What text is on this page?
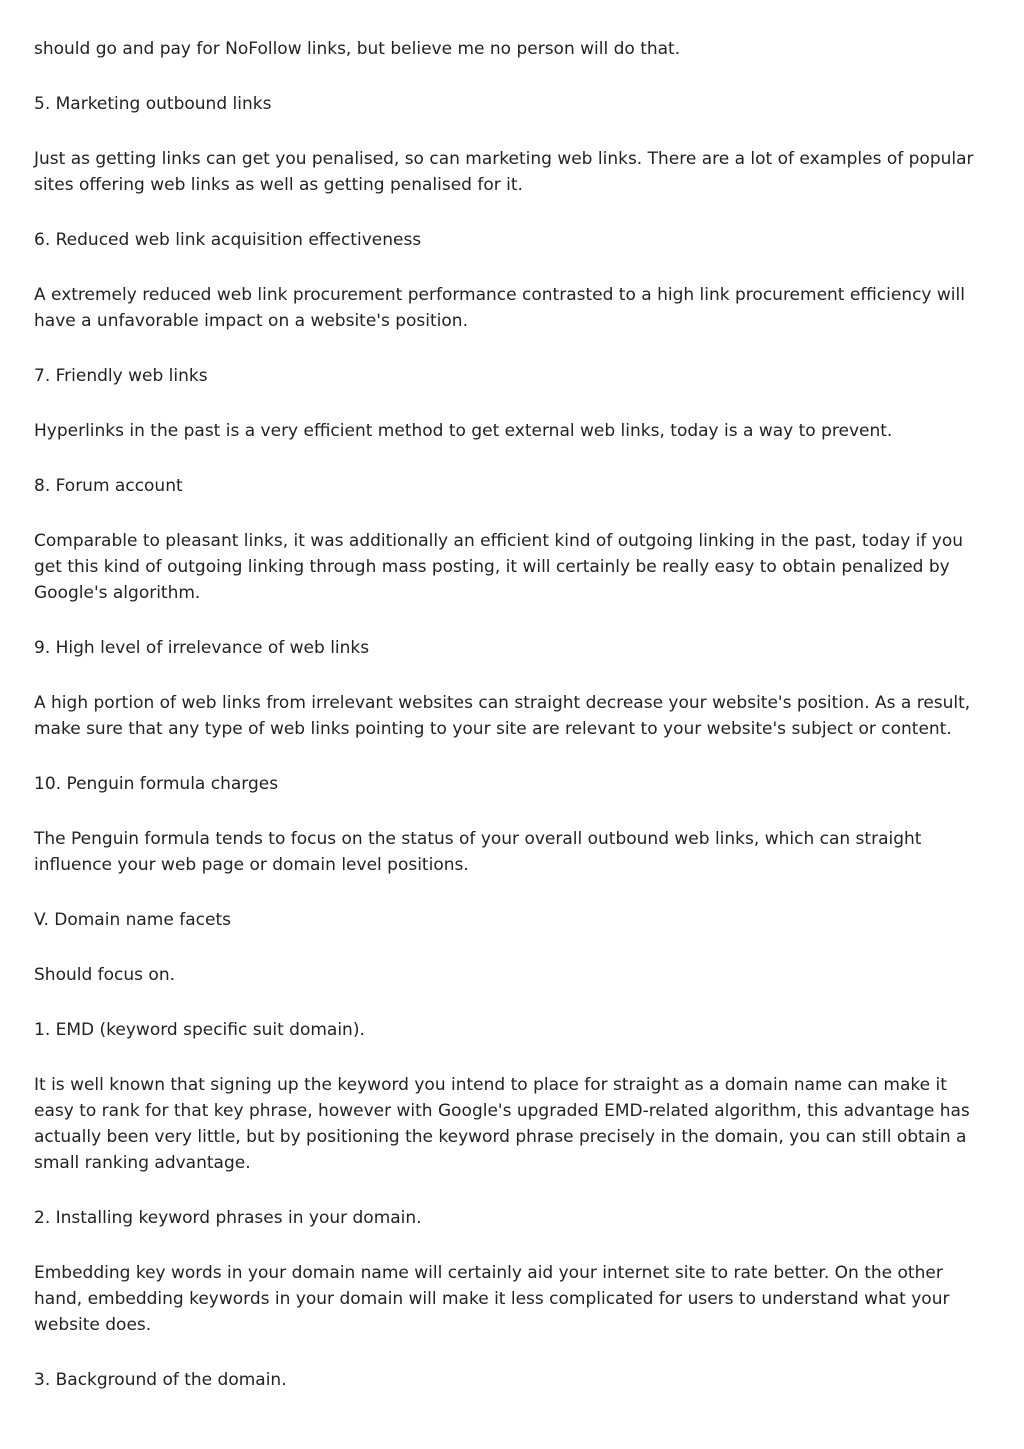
should go and pay for NoFollow links, but believe me no person will do that.

5. Marketing outbound links

Just as getting links can get you penalised, so can marketing web links. There are a lot of examples of popular sites offering web links as well as getting penalised for it.

6. Reduced web link acquisition effectiveness

A extremely reduced web link procurement performance contrasted to a high link procurement efficiency will have a unfavorable impact on a website's position.

7. Friendly web links

Hyperlinks in the past is a very efficient method to get external web links, today is a way to prevent.

8. Forum account

Comparable to pleasant links, it was additionally an efficient kind of outgoing linking in the past, today if you get this kind of outgoing linking through mass posting, it will certainly be really easy to obtain penalized by Google's algorithm.

9. High level of irrelevance of web links

A high portion of web links from irrelevant websites can straight decrease your website's position. As a result, make sure that any type of web links pointing to your site are relevant to your website's subject or content.

10. Penguin formula charges

The Penguin formula tends to focus on the status of your overall outbound web links, which can straight influence your web page or domain level positions.

V. Domain name facets

Should focus on.

1. EMD (keyword specific suit domain).

It is well known that signing up the keyword you intend to place for straight as a domain name can make it easy to rank for that key phrase, however with Google's upgraded EMD-related algorithm, this advantage has actually been very little, but by positioning the keyword phrase precisely in the domain, you can still obtain a small ranking advantage.

2. Installing keyword phrases in your domain.

Embedding key words in your domain name will certainly aid your internet site to rate better. On the other hand, embedding keywords in your domain will make it less complicated for users to understand what your website does.

3. Background of the domain.
